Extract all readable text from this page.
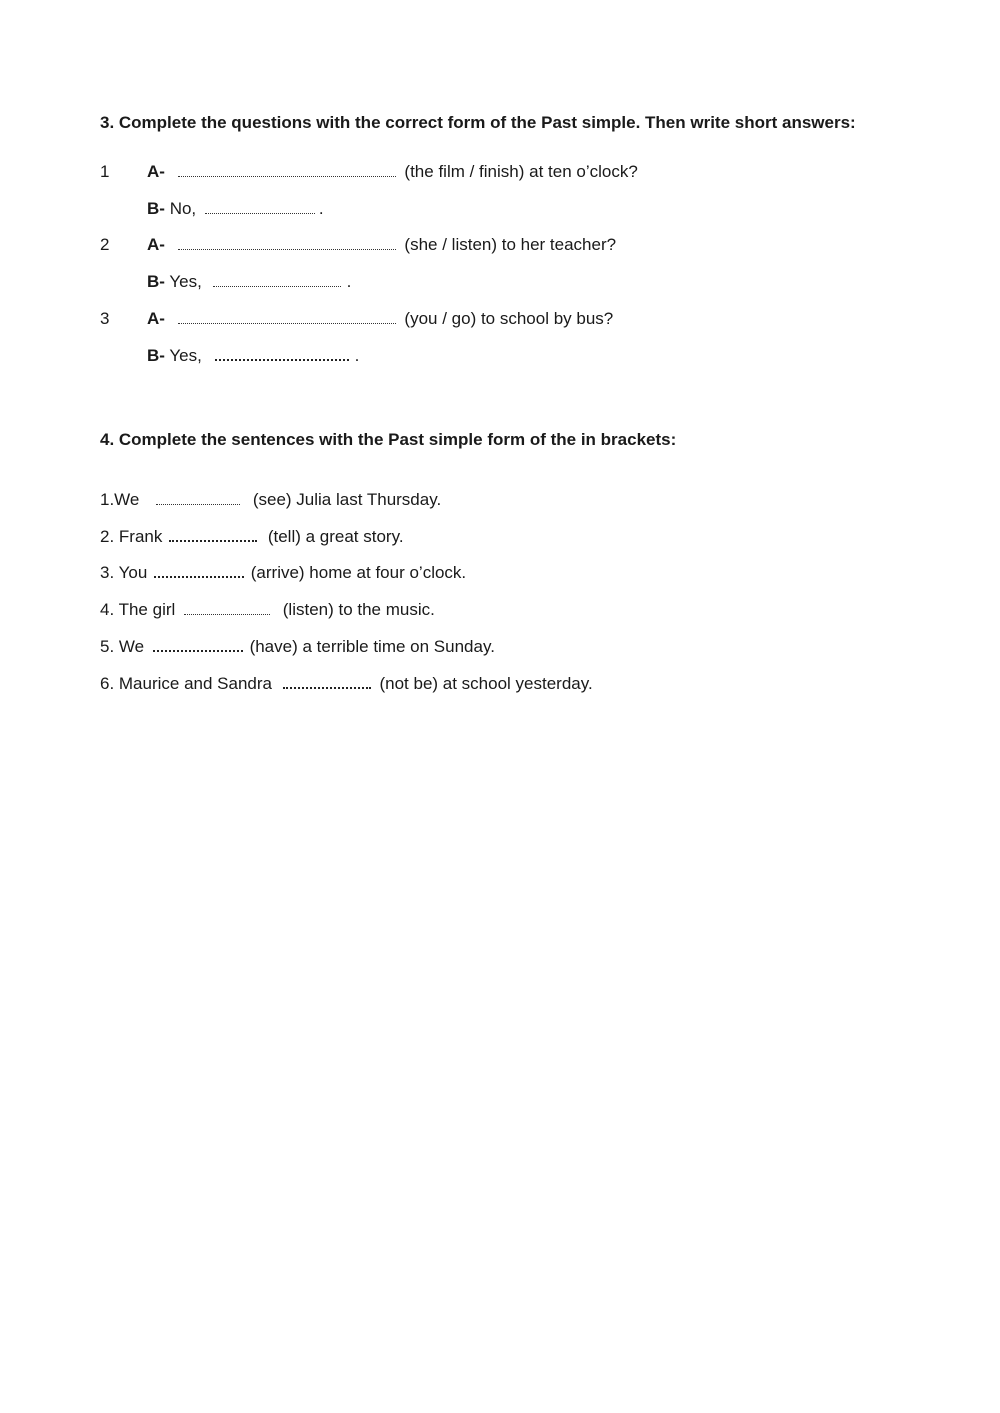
3. Complete the questions with the correct form of the Past simple. Then write short answers:
1 A-	(the film / finish) at ten o’clock?
B- No,	.
2 A-	(she / listen) to her teacher?
B- Yes,	.
3 A-	(you / go) to school by bus?
B- Yes,	.
4. Complete the sentences with the Past simple form of the in brackets:
1.We	(see) Julia last Thursday.
2. Frank	(tell) a great story.
3. You	(arrive) home at four o’clock.
4. The girl	(listen) to the music.
5. We	(have) a terrible time on Sunday.
6. Maurice and Sandra	(not be) at school yesterday.
